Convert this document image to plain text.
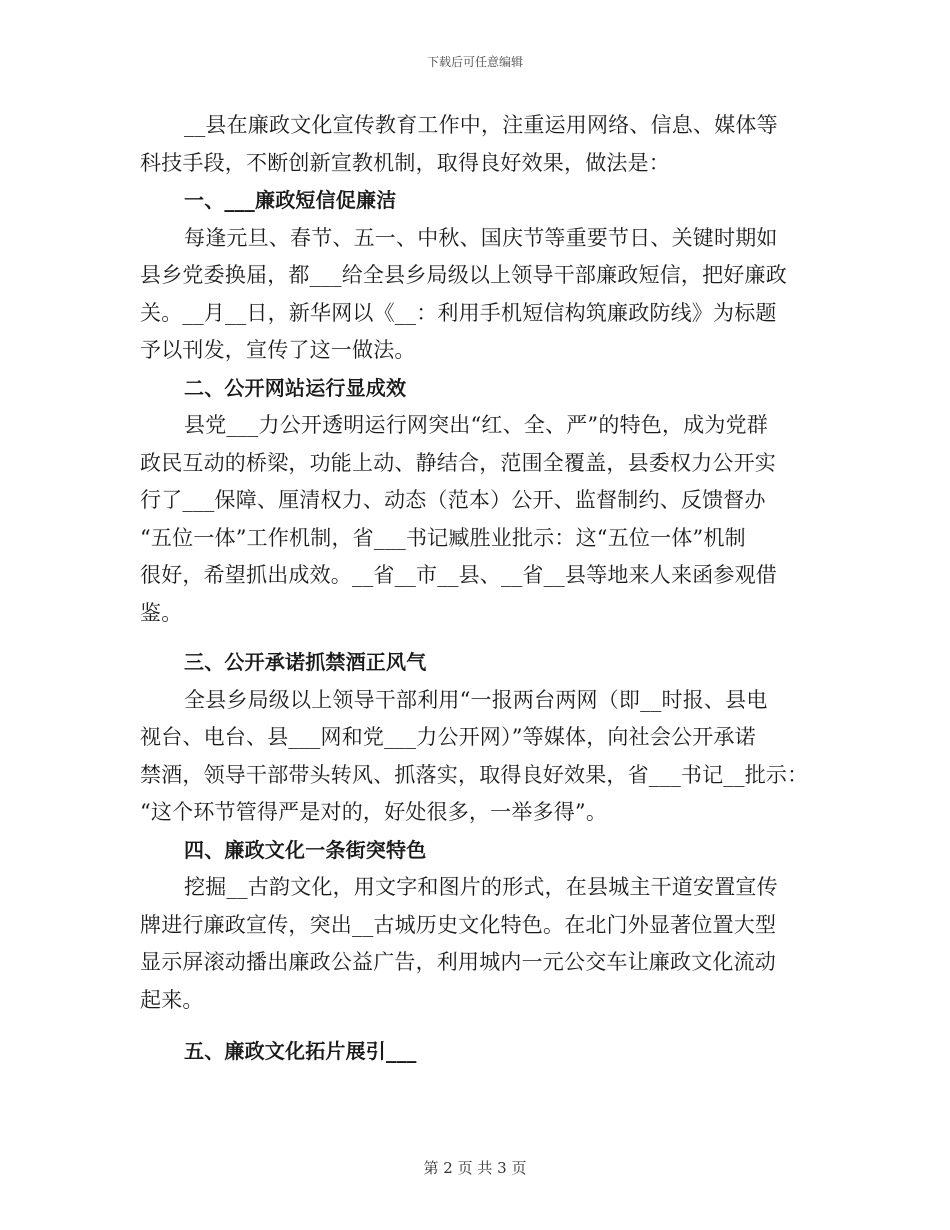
下载后可任意编辑
__县在廉政文化宣传教育工作中，注重运用网络、信息、媒体等
科技手段，不断创新宣教机制，取得良好效果，做法是：
一、___廉政短信促廉洁
每逢元旦、春节、五一、中秋、国庆节等重要节日、关键时期如
县乡党委换届，都___给全县乡局级以上领导干部廉政短信，把好廉政
关。__月__日，新华网以《__：利用手机短信构筑廉政防线》为标题
予以刊发，宣传了这一做法。
二、公开网站运行显成效
县党___力公开透明运行网突出“红、全、严”的特色，成为党群
政民互动的桥梁，功能上动、静结合，范围全覆盖，县委权力公开实
行了___保障、厘清权力、动态（范本）公开、监督制约、反馈督办
“五位一体”工作机制，省___书记臧胜业批示：这“五位一体”机制
很好，希望抓出成效。__省__市__县、__省__县等地来人来函参观借
鉴。
三、公开承诺抓禁酒正风气
全县乡局级以上领导干部利用“一报两台两网（即__时报、县电
视台、电台、县___网和党___力公开网）”等媒体，向社会公开承诺
禁酒，领导干部带头转风、抓落实，取得良好效果，省___书记__批示：
“这个环节管得严是对的，好处很多，一举多得”。
四、廉政文化一条街突特色
挖掘__古韵文化，用文字和图片的形式，在县城主干道安置宣传
牌进行廉政宣传，突出__古城历史文化特色。在北门外显著位置大型
显示屏滚动播出廉政公益广告，利用城内一元公交车让廉政文化流动
起来。
五、廉政文化拓片展引___
第 2 页 共 3 页
